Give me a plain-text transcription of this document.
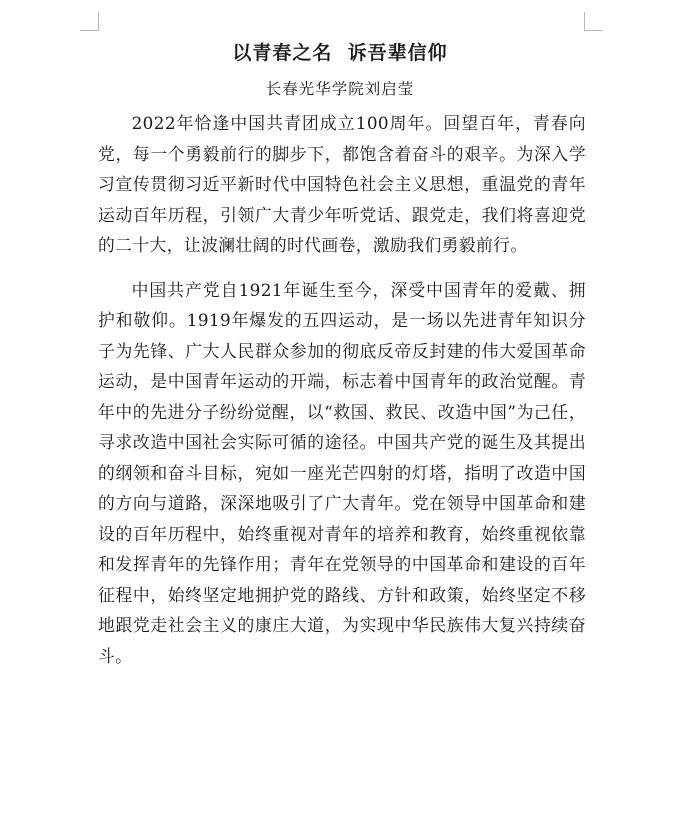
以青春之名  诉吾辈信仰
长春光华学院刘启莹

2022年恰逢中国共青团成立100周年。回望百年，青春向党，每一个勇毅前行的脚步下，都饱含着奋斗的艰辛。为深入学习宣传贯彻习近平新时代中国特色社会主义思想，重温党的青年运动百年历程，引领广大青少年听党话、跟党走，我们将喜迎党的二十大，让波澜壮阔的时代画卷，激励我们勇毅前行。

中国共产党自1921年诞生至今，深受中国青年的爱戴、拥护和敬仰。1919年爆发的五四运动，是一场以先进青年知识分子为先锋、广大人民群众参加的彻底反帝反封建的伟大爱国革命运动，是中国青年运动的开端，标志着中国青年的政治觉醒。青年中的先进分子纷纷觉醒，以“救国、救民、改造中国”为己任，寻求改造中国社会实际可循的途径。中国共产党的诞生及其提出的纲领和奋斗目标，宛如一座光芒四射的灯塔，指明了改造中国的方向与道路，深深地吸引了广大青年。党在领导中国革命和建设的百年历程中，始终重视对青年的培养和教育，始终重视依靠和发挥青年的先锋作用；青年在党领导的中国革命和建设的百年征程中，始终坚定地拥护党的路线、方针和政策，始终坚定不移地跟党走社会主义的康庄大道，为实现中华民族伟大复兴持续奋斗。
